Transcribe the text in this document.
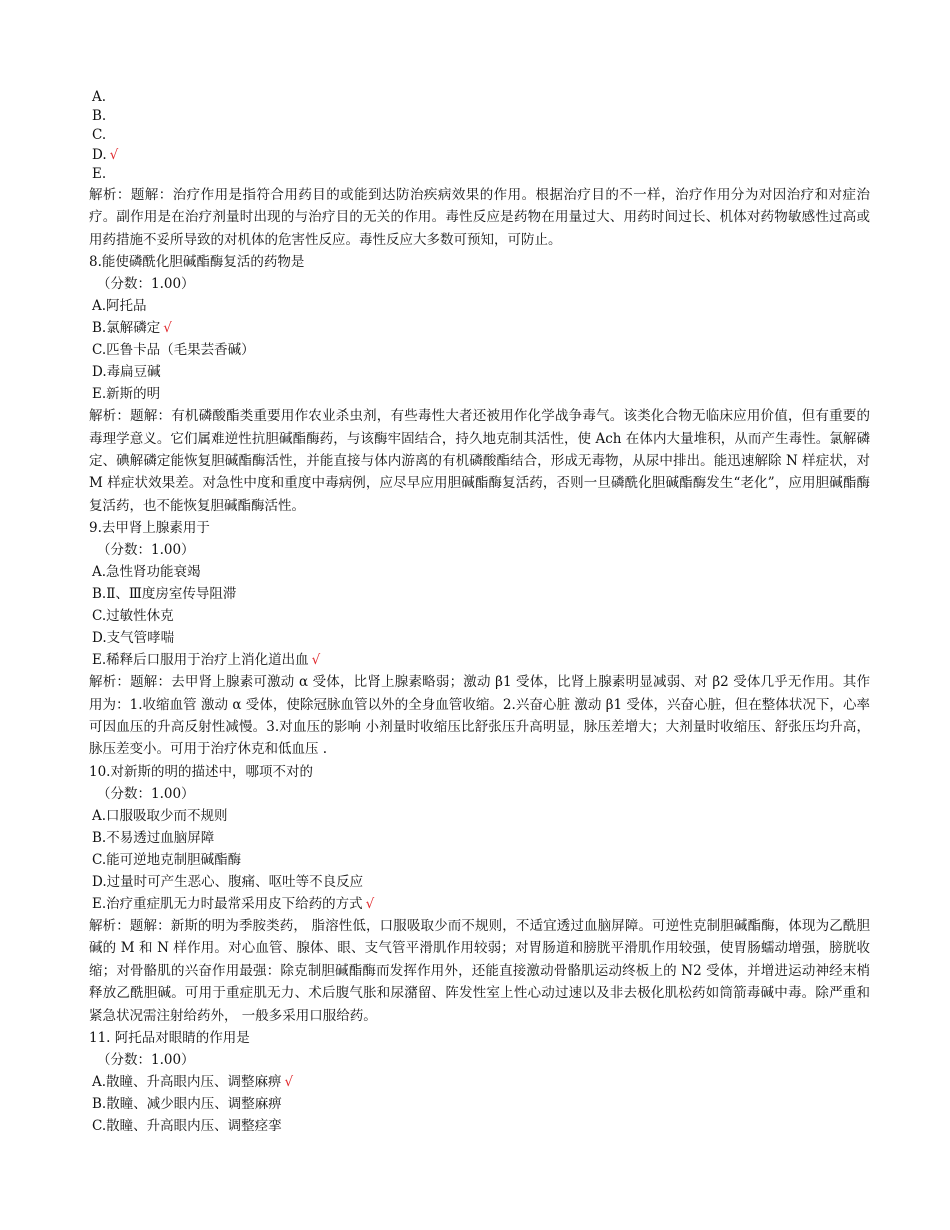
A.
B.
C.
D. √
E.
解析：题解：治疗作用是指符合用药目的或能到达防治疾病效果的作用。根据治疗目的不一样，治疗作用分为对因治疗和对症治疗。副作用是在治疗剂量时出现的与治疗目的无关的作用。毒性反应是药物在用量过大、用药时间过长、机体对药物敏感性过高或用药措施不妥所导致的对机体的危害性反应。毒性反应大多数可预知，可防止。
8.能使磷酰化胆碱酯酶复活的药物是
（分数：1.00）
A.阿托品
B.氯解磷定 √
C.匹鲁卡品（毛果芸香碱）
D.毒扁豆碱
E.新斯的明
解析：题解：有机磷酸酯类重要用作农业杀虫剂，有些毒性大者还被用作化学战争毒气。该类化合物无临床应用价值，但有重要的毒理学意义。它们属难逆性抗胆碱酯酶药，与该酶牢固结合，持久地克制其活性，使 Ach 在体内大量堆积，从而产生毒性。氯解磷定、碘解磷定能恢复胆碱酯酶活性，并能直接与体内游离的有机磷酸酯结合，形成无毒物，从尿中排出。能迅速解除 N 样症状，对 M 样症状效果差。对急性中度和重度中毒病例，应尽早应用胆碱酯酶复活药，否则一旦磷酰化胆碱酯酶发生“老化”，应用胆碱酯酶复活药，也不能恢复胆碱酯酶活性。
9.去甲肾上腺素用于
（分数：1.00）
A.急性肾功能衰竭
B.Ⅱ、Ⅲ度房室传导阻滞
C.过敏性休克
D.支气管哮喘
E.稀释后口服用于治疗上消化道出血 √
解析：题解：去甲肾上腺素可激动 α 受体，比肾上腺素略弱；激动 β1 受体，比肾上腺素明显减弱、对 β2 受体几乎无作用。其作用为：1.收缩血管 激动 α 受体，使除冠脉血管以外的全身血管收缩。2.兴奋心脏 激动 β1 受体，兴奋心脏，但在整体状况下，心率可因血压的升高反射性减慢。3.对血压的影响 小剂量时收缩压比舒张压升高明显，脉压差增大；大剂量时收缩压、舒张压均升高，脉压差变小。可用于治疗休克和低血压 .
10.对新斯的明的描述中，哪项不对的
（分数：1.00）
A.口服吸取少而不规则
B.不易透过血脑屏障
C.能可逆地克制胆碱酯酶
D.过量时可产生恶心、腹痛、呕吐等不良反应
E.治疗重症肌无力时最常采用皮下给药的方式 √
解析：题解：新斯的明为季胺类药， 脂溶性低，口服吸取少而不规则，不适宜透过血脑屏障。可逆性克制胆碱酯酶，体现为乙酰胆碱的 M 和 N 样作用。对心血管、腺体、眼、支气管平滑肌作用较弱；对胃肠道和膀胱平滑肌作用较强，使胃肠蠕动增强，膀胱收缩；对骨骼肌的兴奋作用最强：除克制胆碱酯酶而发挥作用外，还能直接激动骨骼肌运动终板上的 N2 受体，并增进运动神经末梢释放乙酰胆碱。可用于重症肌无力、术后腹气胀和尿潴留、阵发性室上性心动过速以及非去极化肌松药如筒箭毒碱中毒。除严重和紧急状况需注射给药外， 一般多采用口服给药。
11. 阿托品对眼睛的作用是
（分数：1.00）
A.散瞳、升高眼内压、调整麻痹 √
B.散瞳、减少眼内压、调整麻痹
C.散瞳、升高眼内压、调整痉挛
